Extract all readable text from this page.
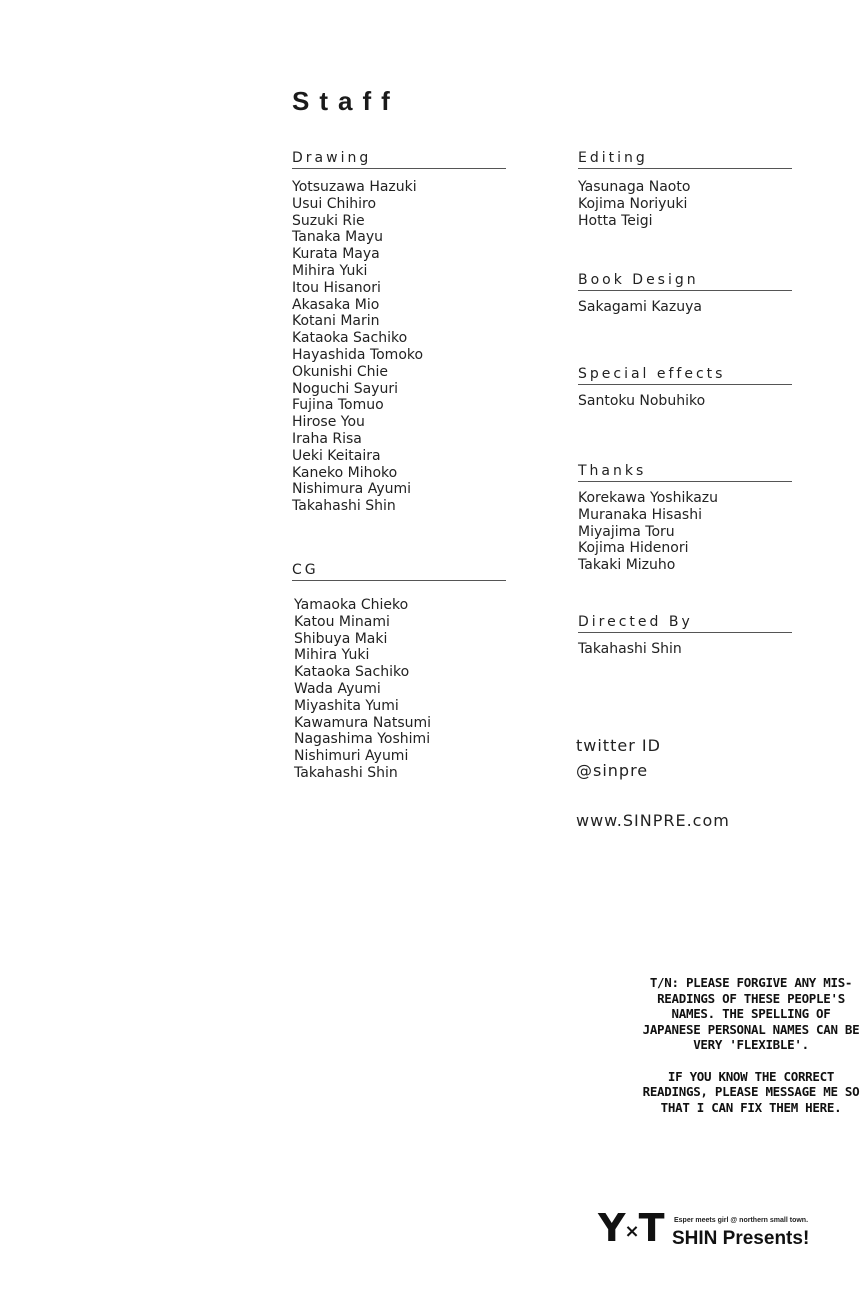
Staff
Drawing
Yotsuzawa Hazuki
Usui Chihiro
Suzuki Rie
Tanaka Mayu
Kurata Maya
Mihira Yuki
Itou Hisanori
Akasaka Mio
Kotani Marin
Kataoka Sachiko
Hayashida Tomoko
Okunishi Chie
Noguchi Sayuri
Fujina Tomuo
Hirose You
Iraha Risa
Ueki Keitaira
Kaneko Mihoko
Nishimura Ayumi
Takahashi Shin
CG
Yamaoka Chieko
Katou Minami
Shibuya Maki
Mihira Yuki
Kataoka Sachiko
Wada Ayumi
Miyashita Yumi
Kawamura Natsumi
Nagashima Yoshimi
Nishimuri Ayumi
Takahashi Shin
Editing
Yasunaga Naoto
Kojima Noriyuki
Hotta Teigi
Book Design
Sakagami Kazuya
Special effects
Santoku Nobuhiko
Thanks
Korekawa Yoshikazu
Muranaka Hisashi
Miyajima Toru
Kojima Hidenori
Takaki Mizuho
Directed By
Takahashi Shin
twitter ID
@sinpre
www.SINPRE.com

T/N: PLEASE FORGIVE ANY MIS-READINGS OF THESE PEOPLE'S NAMES. THE SPELLING OF JAPANESE PERSONAL NAMES CAN BE VERY 'FLEXIBLE'.

IF YOU KNOW THE CORRECT READINGS, PLEASE MESSAGE ME SO THAT I CAN FIX THEM HERE.

Y×T Esper meets girl @ northern small town.
SHIN Presents!
